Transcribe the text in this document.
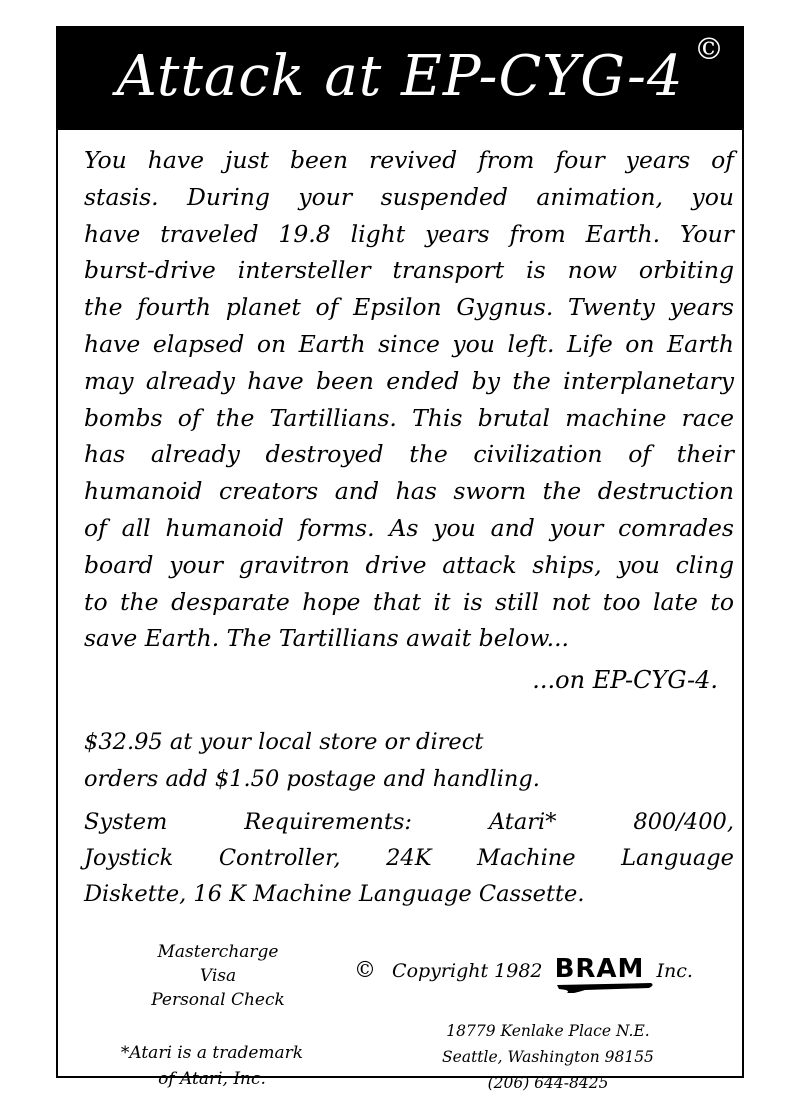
Attack at EP-CYG-4 ©
You have just been revived from four years of
stasis. During your suspended animation, you
have traveled 19.8 light years from Earth. Your
burst-drive intersteller transport is now orbiting
the fourth planet of Epsilon Gygnus. Twenty years
have elapsed on Earth since you left. Life on Earth
may already have been ended by the interplanetary
bombs of the Tartillians. This brutal machine race
has already destroyed the civilization of their
humanoid creators and has sworn the destruction
of all humanoid forms. As you and your comrades
board your gravitron drive attack ships, you cling
to the desparate hope that it is still not too late to
save Earth. The Tartillians await below...
...on EP-CYG-4.
$32.95 at your local store or direct
orders add $1.50 postage and handling.
System Requirements: Atari* 800/400,
Joystick Controller, 24K Machine Language
Diskette, 16 K Machine Language Cassette.
Mastercharge
Visa
Personal Check
*Atari is a trademark
of Atari, Inc.
© Copyright 1982 BRAM Inc.
18779 Kenlake Place N.E.
Seattle, Washington 98155
(206) 644-8425
